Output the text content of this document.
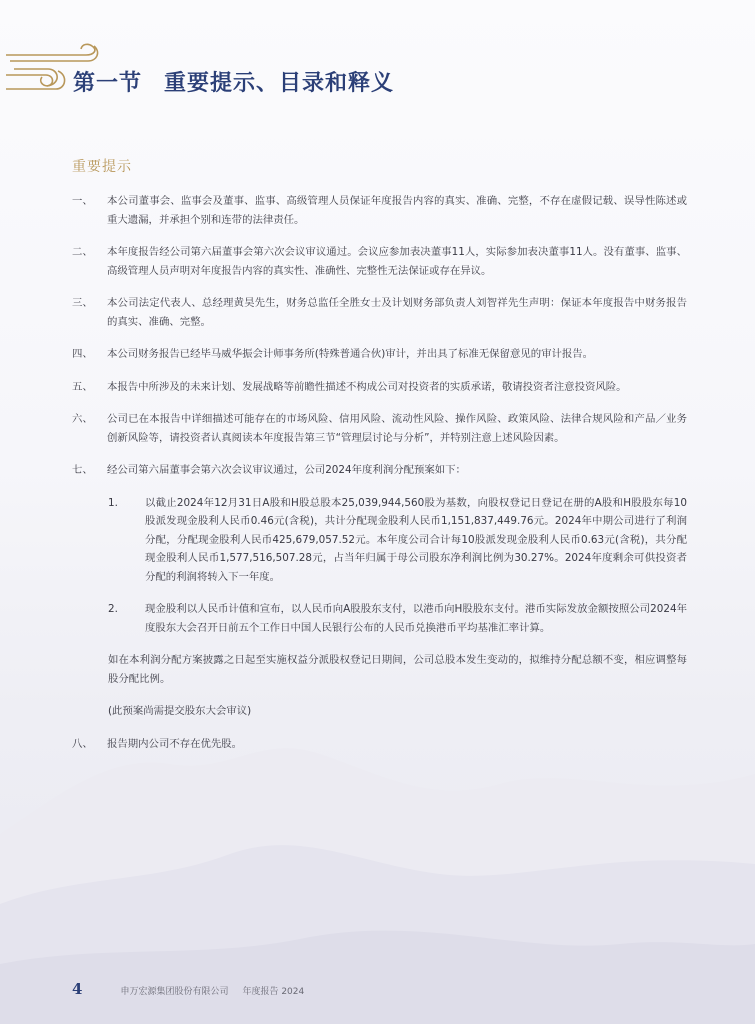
第一节 重要提示、目录和释义
重要提示
一、	本公司董事会、监事会及董事、监事、高级管理人员保证年度报告内容的真实、准确、完整，不存在虚假记载、误导性陈述或重大遗漏，并承担个别和连带的法律责任。
二、	本年度报告经公司第六届董事会第六次会议审议通过。会议应参加表决董事11人，实际参加表决董事11人。没有董事、监事、高级管理人员声明对年度报告内容的真实性、准确性、完整性无法保证或存在异议。
三、	本公司法定代表人、总经理黄昊先生，财务总监任全胜女士及计划财务部负责人刘智祥先生声明：保证本年度报告中财务报告的真实、准确、完整。
四、	本公司财务报告已经毕马威华振会计师事务所(特殊普通合伙)审计，并出具了标准无保留意见的审计报告。
五、	本报告中所涉及的未来计划、发展战略等前瞻性描述不构成公司对投资者的实质承诺，敬请投资者注意投资风险。
六、	公司已在本报告中详细描述可能存在的市场风险、信用风险、流动性风险、操作风险、政策风险、法律合规风险和产品／业务创新风险等，请投资者认真阅读本年度报告第三节“管理层讨论与分析”，并特别注意上述风险因素。
七、	经公司第六届董事会第六次会议审议通过，公司2024年度利润分配预案如下：
1.	以截止2024年12月31日A股和H股总股本25,039,944,560股为基数，向股权登记日登记在册的A股和H股股东每10股派发现金股利人民币0.46元(含税)，共计分配现金股利人民币1,151,837,449.76元。2024年中期公司进行了利润分配，分配现金股利人民币425,679,057.52元。本年度公司合计每10股派发现金股利人民币0.63元(含税)，共分配现金股利人民币1,577,516,507.28元，占当年归属于母公司股东净利润比例为30.27%。2024年度剩余可供投资者分配的利润将转入下一年度。
2.	现金股利以人民币计值和宣布，以人民币向A股股东支付，以港币向H股股东支付。港币实际发放金额按照公司2024年度股东大会召开日前五个工作日中国人民银行公布的人民币兑换港币平均基准汇率计算。
如在本利润分配方案披露之日起至实施权益分派股权登记日期间，公司总股本发生变动的，拟维持分配总额不变，相应调整每股分配比例。
(此预案尚需提交股东大会审议)
八、	报告期内公司不存在优先股。
4	申万宏源集团股份有限公司 年度报告 2024
